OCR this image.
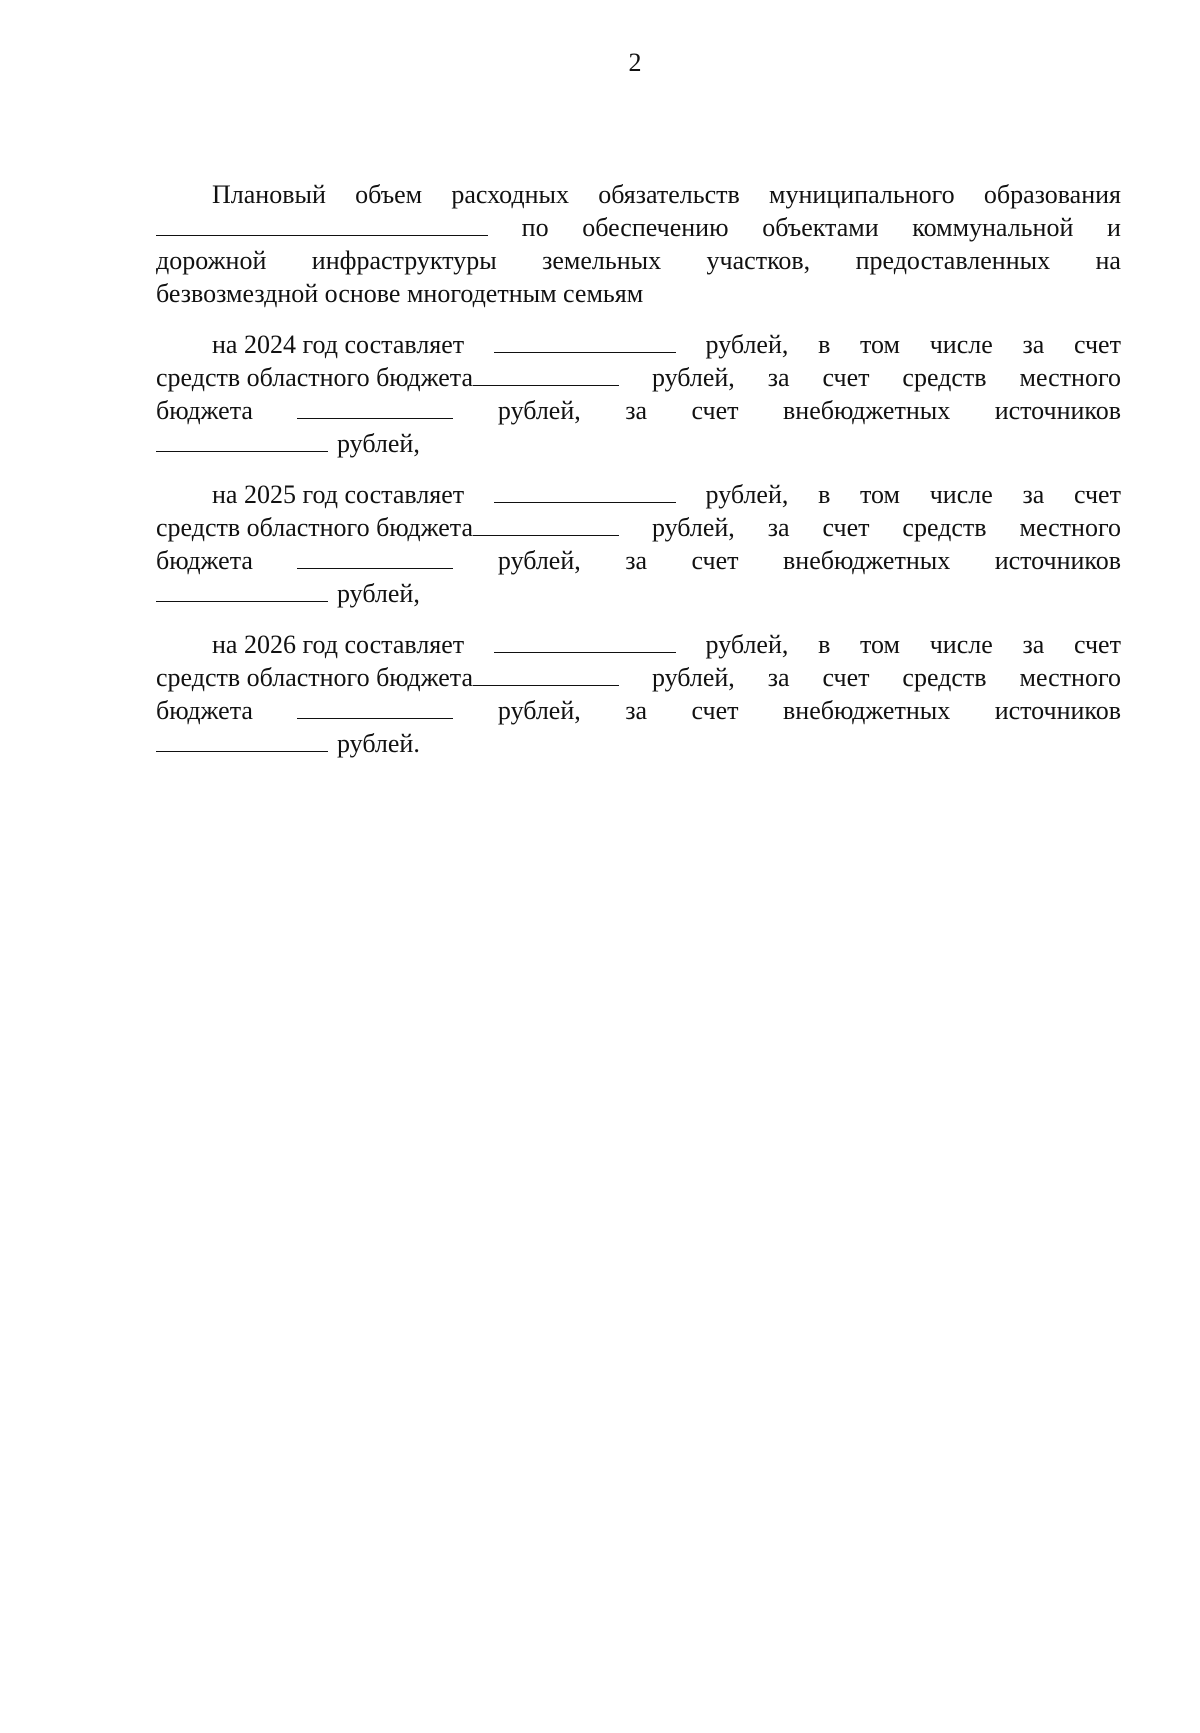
2
Плановый объем расходных обязательств муниципального образования
по обеспечению объектами коммунальной и
дорожной инфраструктуры земельных участков, предоставленных на
безвозмездной основе многодетным семьям
на 2024 год составляет	рублей, в том числе за счет
средств областного бюджета	рублей, за счет средств местного
бюджета	рублей, за счет внебюджетных источников
рублей,
на 2025 год составляет	рублей, в том числе за счет
средств областного бюджета	рублей, за счет средств местного
бюджета	рублей, за счет внебюджетных источников
рублей,
на 2026 год составляет	рублей, в том числе за счет
средств областного бюджета	рублей, за счет средств местного
бюджета	рублей, за счет внебюджетных источников
рублей.
